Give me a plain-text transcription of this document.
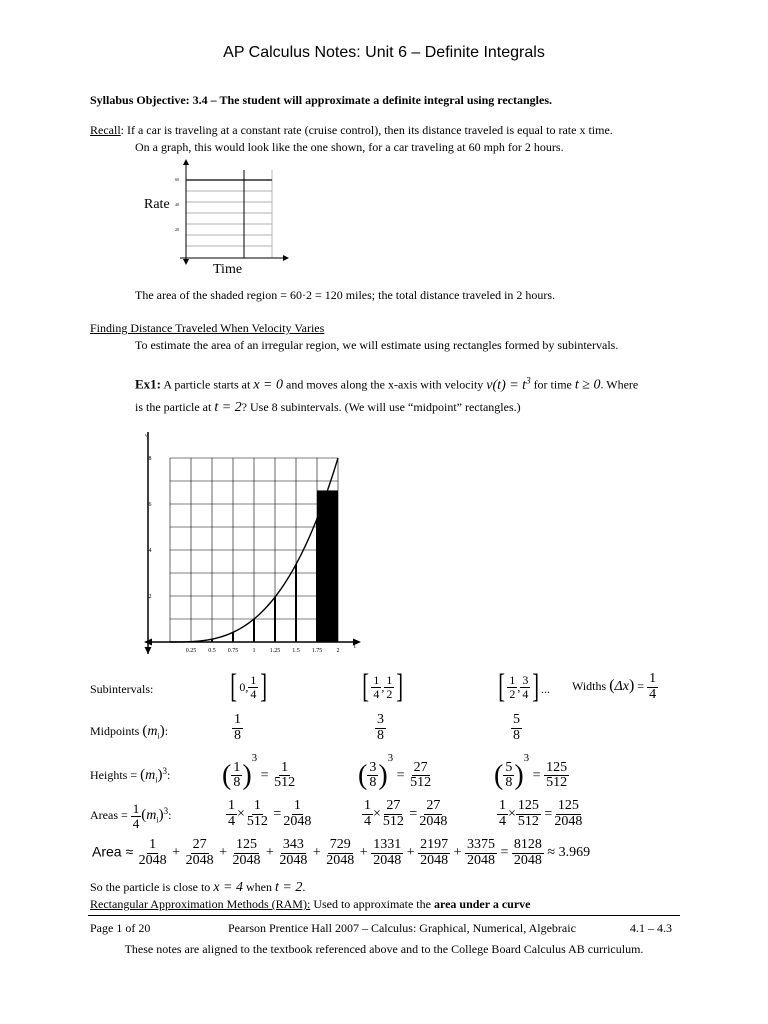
AP Calculus Notes: Unit 6 – Definite Integrals
Syllabus Objective: 3.4 – The student will approximate a definite integral using rectangles.
Recall: If a car is traveling at a constant rate (cruise control), then its distance traveled is equal to rate x time.
On a graph, this would look like the one shown, for a car traveling at 60 mph for 2 hours.
Rate
Time
60
40
20
The area of the shaded region = 60·2 = 120 miles; the total distance traveled in 2 hours.
Finding Distance Traveled When Velocity Varies
To estimate the area of an irregular region, we will estimate using rectangles formed by subintervals.
Ex1: A particle starts at x = 0 and moves along the x-axis with velocity $v(t) = t^3$ for time t ≥ 0. Where
is the particle at t = 2? Use 8 subintervals. (We will use “midpoint” rectangles.)
0.25 0.5 0.75 1 1.25 1.5 1.75 2
2
4
6
8
t
v
Subintervals: [ 0 , $\frac{1}{4}$ ]	[ $\frac{1}{4}$ , $\frac{1}{2}$ ]	[ $\frac{1}{2}$ , $\frac{3}{4}$ ] ... Widths $(\Delta x) = \frac{1}{4}$
Midpoints $(m_i)$:	$\frac{1}{8}$	$\frac{3}{8}$	$\frac{5}{8}$
Heights = $(m_i)^3$: ( $\frac{1}{8} )^3 = \frac{1}{512}$ ( $\frac{3}{8} )^3 = \frac{27}{512}$ ( $\frac{5}{8} )^3 = \frac{125}{512}$
Areas = $\frac{1}{4} (m_i)^3$:	$\frac{1}{4} \times \frac{1}{512} = \frac{1}{2048}$	$\frac{1}{4} \times \frac{27}{512} = \frac{27}{2048}$	$\frac{1}{4} \times \frac{125}{512} = \frac{125}{2048}$
Area ≈ $\frac{1}{2048} + \frac{27}{2048} + \frac{125}{2048} + \frac{343}{2048} + \frac{729}{2048} + \frac{1331}{2048} + \frac{2197}{2048} + \frac{3375}{2048} = \frac{8128}{2048} \approx 3.969$
So the particle is close to x = 4 when t = 2.
Rectangular Approximation Methods (RAM): Used to approximate the area under a curve
Page 1 of 20	Pearson Prentice Hall 2007 – Calculus: Graphical, Numerical, Algebraic	4.1 – 4.3
These notes are aligned to the textbook referenced above and to the College Board Calculus AB curriculum.
